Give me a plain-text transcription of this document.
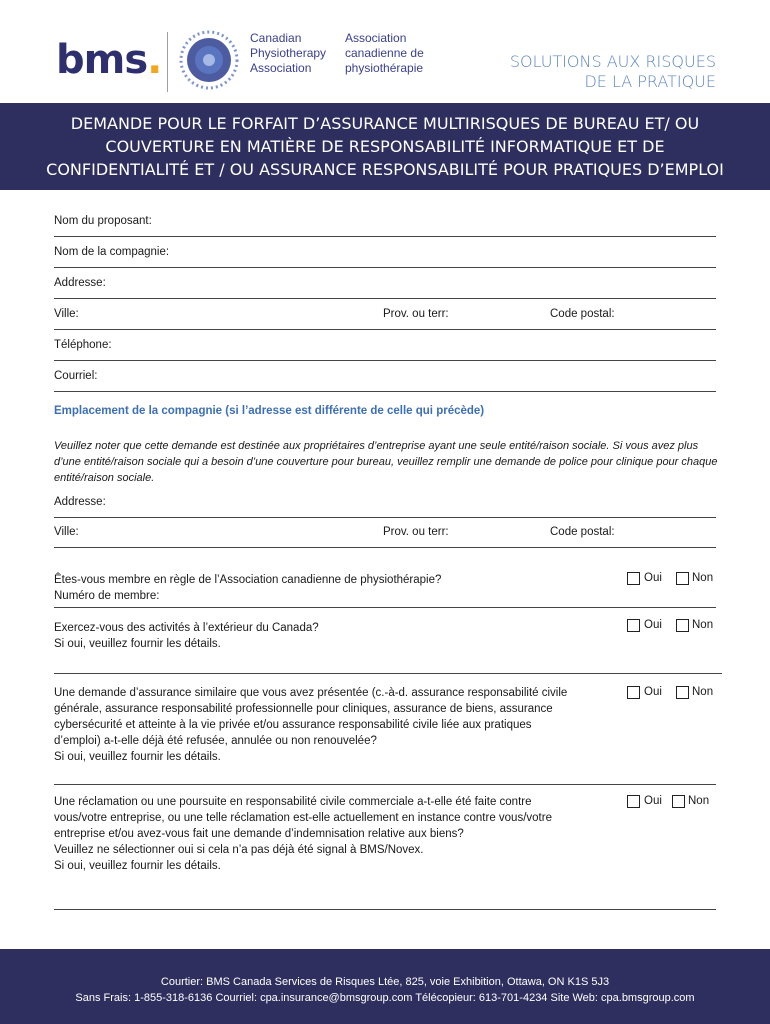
bms.	Canadian
Physiotherapy
Association
Association
canadienne de
physiothérapie	SOLUTIONS AUX RISQUES
DE LA PRATIQUE
DEMANDE POUR LE FORFAIT D’ASSURANCE MULTIRISQUES DE BUREAU ET/ OU
COUVERTURE EN MATIÈRE DE RESPONSABILITÉ INFORMATIQUE ET DE
CONFIDENTIALITÉ ET / OU ASSURANCE RESPONSABILITÉ POUR PRATIQUES D’EMPLOI
Nom du proposant:
Nom de la compagnie:
Addresse:
Ville:	Prov. ou terr:	Code postal:
Téléphone:
Courriel:
Emplacement de la compagnie (si l’adresse est différente de celle qui précède)
Veuillez noter que cette demande est destinée aux propriétaires d’entreprise ayant une seule entité/raison sociale. Si vous avez plus d’une entité/raison sociale qui a besoin d’une couverture pour bureau, veuillez remplir une demande de police pour clinique pour chaque entité/raison sociale.
Addresse:
Ville:	Prov. ou terr:	Code postal:
Êtes-vous membre en règle de l’Association canadienne de physiothérapie?
Numéro de membre:
Oui	Non
Exercez-vous des activités à l’extérieur du Canada?
Si oui, veuillez fournir les détails.
Oui	Non
Une demande d’assurance similaire que vous avez présentée (c.-à-d. assurance responsabilité civile
générale, assurance responsabilité professionnelle pour cliniques, assurance de biens, assurance
cybersécurité et atteinte à la vie privée et/ou assurance responsabilité civile liée aux pratiques
d’emploi) a-t-elle déjà été refusée, annulée ou non renouvelée?
Si oui, veuillez fournir les détails.
Oui	Non
Une réclamation ou une poursuite en responsabilité civile commerciale a-t-elle été faite contre
vous/votre entreprise, ou une telle réclamation est-elle actuellement en instance contre vous/votre
entreprise et/ou avez-vous fait une demande d’indemnisation relative aux biens?
Veuillez ne sélectionner oui si cela n’a pas déjà été signal à BMS/Novex.
Si oui, veuillez fournir les détails.
Oui Non
Courtier: BMS Canada Services de Risques Ltée, 825, voie Exhibition, Ottawa, ON K1S 5J3
Sans Frais: 1-855-318-6136 Courriel: cpa.insurance@bmsgroup.com Télécopieur: 613-701-4234 Site Web: cpa.bmsgroup.com
